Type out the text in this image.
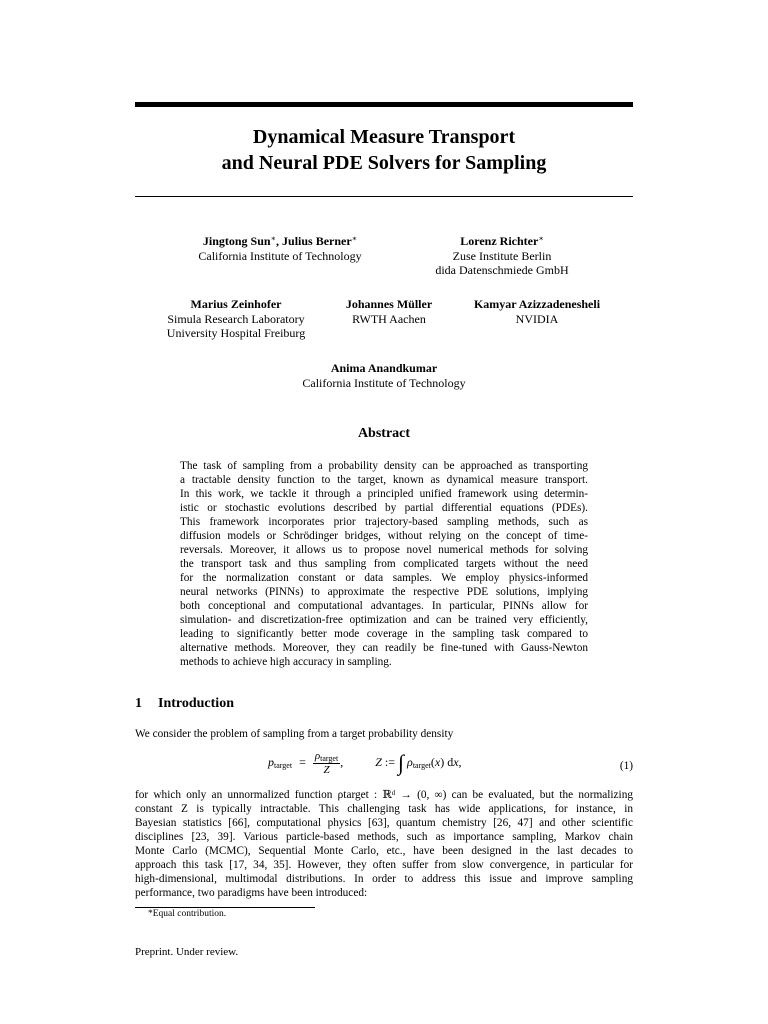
Dynamical Measure Transport
and Neural PDE Solvers for Sampling
Jingtong Sun∗, Julius Berner∗
California Institute of Technology
Lorenz Richter∗
Zuse Institute Berlin
dida Datenschmiede GmbH
Marius Zeinhofer
Simula Research Laboratory
University Hospital Freiburg
Johannes Müller
RWTH Aachen
Kamyar Azizzadenesheli
NVIDIA
Anima Anandkumar
California Institute of Technology
Abstract
The task of sampling from a probability density can be approached as transporting
a tractable density function to the target, known as dynamical measure transport.
In this work, we tackle it through a principled unified framework using determin-
istic or stochastic evolutions described by partial differential equations (PDEs).
This framework incorporates prior trajectory-based sampling methods, such as
diffusion models or Schrödinger bridges, without relying on the concept of time-
reversals. Moreover, it allows us to propose novel numerical methods for solving
the transport task and thus sampling from complicated targets without the need
for the normalization constant or data samples. We employ physics-informed
neural networks (PINNs) to approximate the respective PDE solutions, implying
both conceptional and computational advantages. In particular, PINNs allow for
simulation- and discretization-free optimization and can be trained very efficiently,
leading to significantly better mode coverage in the sampling task compared to
alternative methods. Moreover, they can readily be fine-tuned with Gauss-Newton
methods to achieve high accuracy in sampling.
1 Introduction
We consider the problem of sampling from a target probability density
$p_{target} = \frac{\rho_{target}}{Z}$ ,  Z := ∫ $\rho_{target}(x)$ dx,	(1)
for which only an unnormalized function ρtarget : ℝᵈ → (0, ∞) can be evaluated, but the normalizing
constant Z is typically intractable. This challenging task has wide applications, for instance, in
Bayesian statistics [66], computational physics [63], quantum chemistry [26, 47] and other scientific
disciplines [23, 39]. Various particle-based methods, such as importance sampling, Markov chain
Monte Carlo (MCMC), Sequential Monte Carlo, etc., have been designed in the last decades to
approach this task [17, 34, 35]. However, they often suffer from slow convergence, in particular for
high-dimensional, multimodal distributions. In order to address this issue and improve sampling
performance, two paradigms have been introduced:
*Equal contribution.
Preprint. Under review.
